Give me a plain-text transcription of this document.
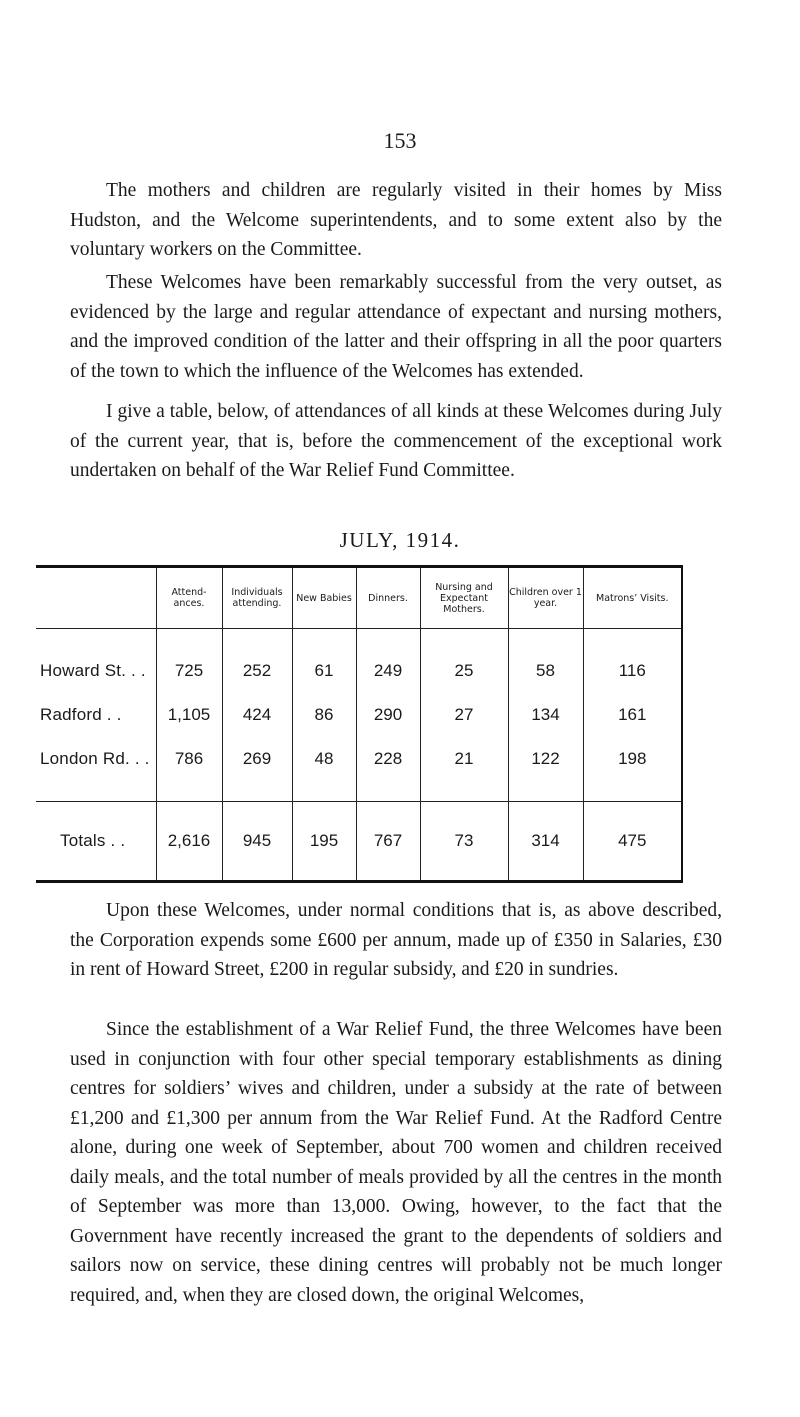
153

The mothers and children are regularly visited in their homes by Miss Hudston, and the Welcome superintendents, and to some extent also by the voluntary workers on the Committee.

These Welcomes have been remarkably successful from the very outset, as evidenced by the large and regular attendance of expectant and nursing mothers, and the improved condition of the latter and their offspring in all the poor quarters of the town to which the influence of the Welcomes has extended.

I give a table, below, of attendances of all kinds at these Welcomes during July of the current year, that is, before the commencement of the exceptional work undertaken on behalf of the War Relief Fund Committee.

JULY, 1914.
	Attend-ances.	Individuals attending.	New Babies	Dinners.	Nursing and Expectant Mothers.	Children over 1 year.	Matrons’ Visits.
Howard St. . .	725	252	61	249	25	58	116
Radford . .	1,105	424	86	290	27	134	161
London Rd. . .	786	269	48	228	21	122	198
Totals . .	2,616	945	195	767	73	314	475

Upon these Welcomes, under normal conditions that is, as above described, the Corporation expends some £600 per annum, made up of £350 in Salaries, £30 in rent of Howard Street, £200 in regular subsidy, and £20 in sundries.

Since the establishment of a War Relief Fund, the three Welcomes have been used in conjunction with four other special temporary establishments as dining centres for soldiers’ wives and children, under a subsidy at the rate of between £1,200 and £1,300 per annum from the War Relief Fund. At the Radford Centre alone, during one week of September, about 700 women and children received daily meals, and the total number of meals provided by all the centres in the month of September was more than 13,000. Owing, however, to the fact that the Government have recently increased the grant to the dependents of soldiers and sailors now on service, these dining centres will probably not be much longer required, and, when they are closed down, the original Welcomes,
